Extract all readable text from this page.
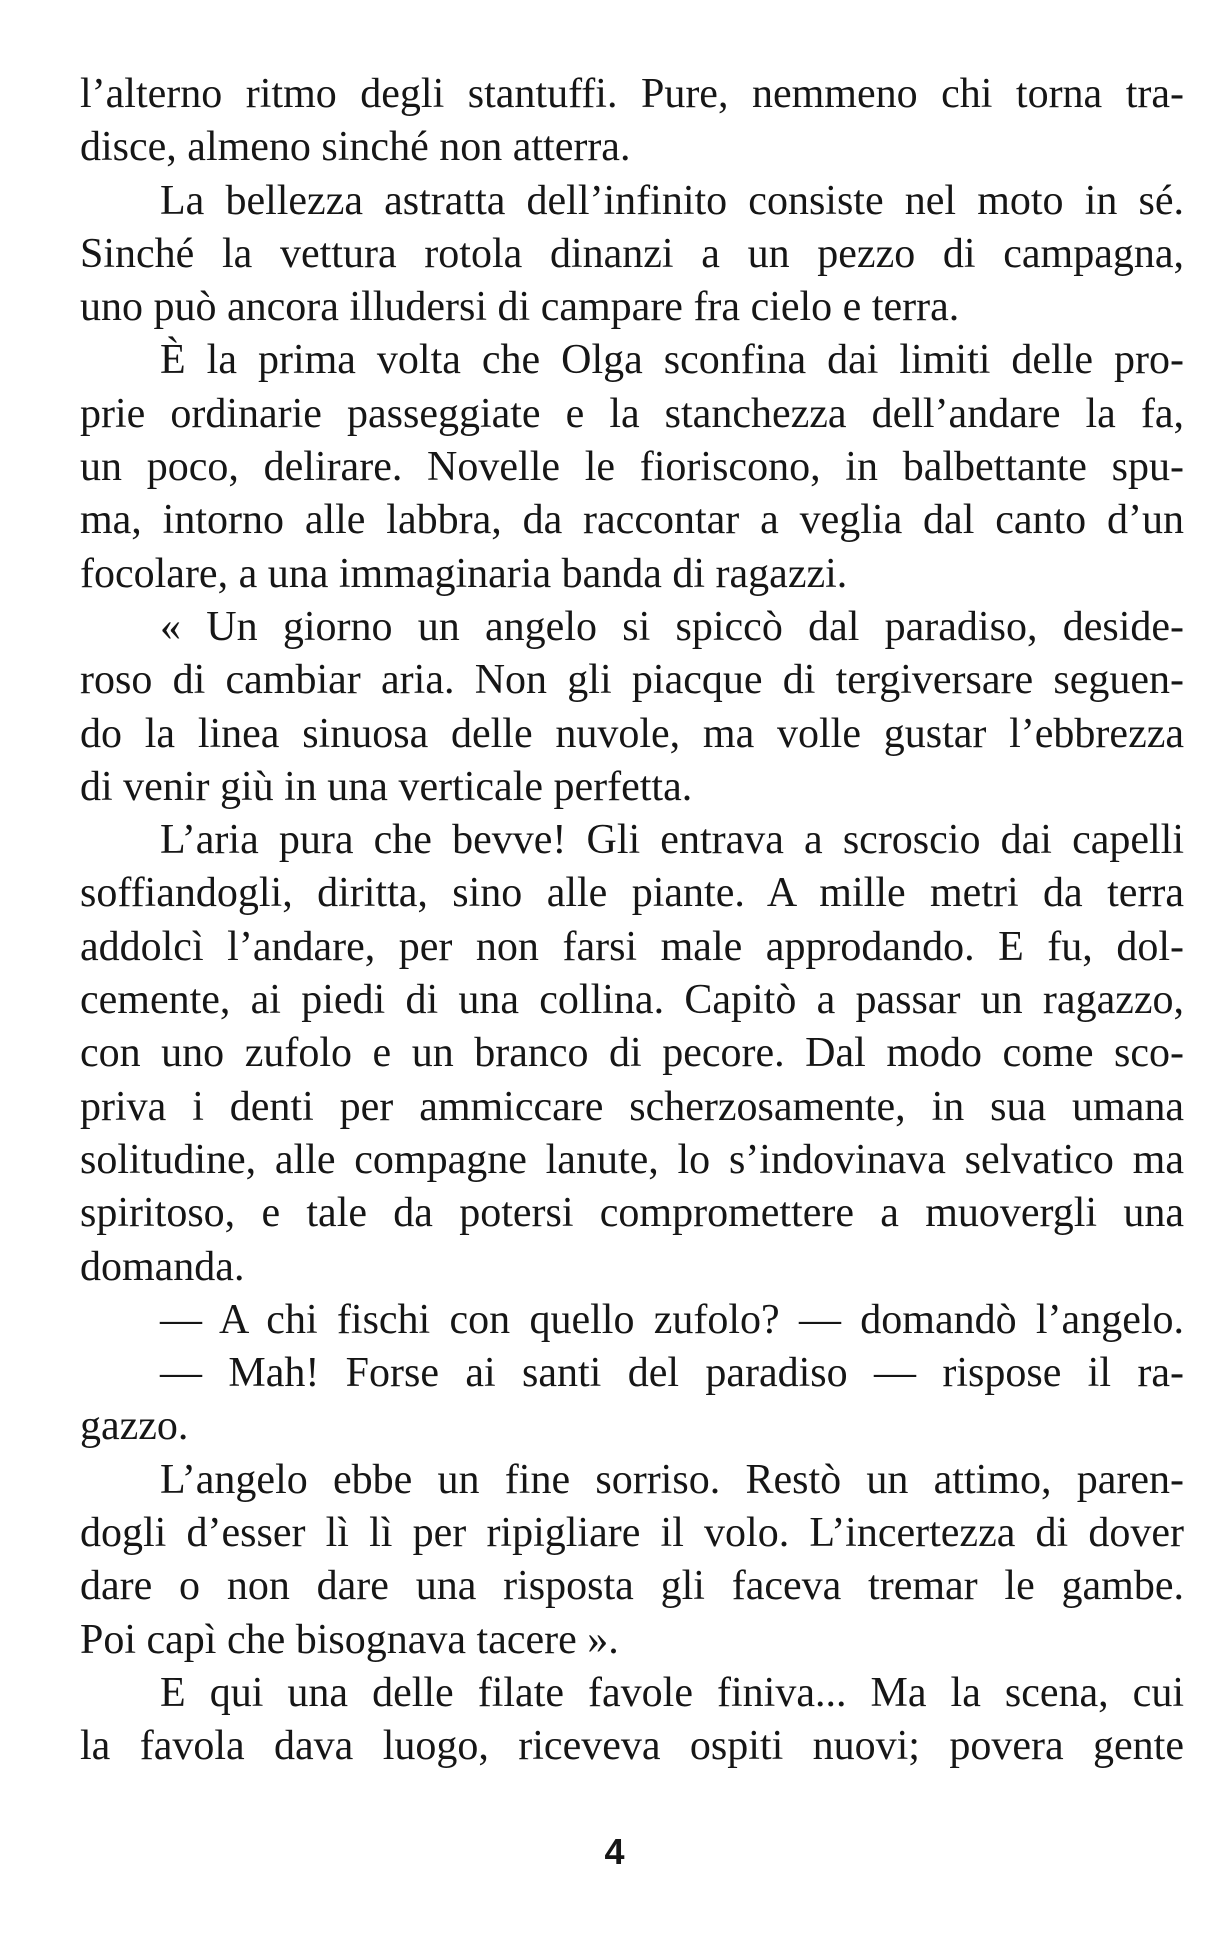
l’alterno ritmo degli stantuffi. Pure, nemmeno chi torna tra-
disce, almeno sinché non atterra.
La bellezza astratta dell’infinito consiste nel moto in sé.
Sinché la vettura rotola dinanzi a un pezzo di campagna,
uno può ancora illudersi di campare fra cielo e terra.
È la prima volta che Olga sconfina dai limiti delle pro-
prie ordinarie passeggiate e la stanchezza dell’andare la fa,
un poco, delirare. Novelle le fioriscono, in balbettante spu-
ma, intorno alle labbra, da raccontar a veglia dal canto d’un
focolare, a una immaginaria banda di ragazzi.
« Un giorno un angelo si spiccò dal paradiso, deside-
roso di cambiar aria. Non gli piacque di tergiversare seguen-
do la linea sinuosa delle nuvole, ma volle gustar l’ebbrezza
di venir giù in una verticale perfetta.
L’aria pura che bevve! Gli entrava a scroscio dai capelli
soffiandogli, diritta, sino alle piante. A mille metri da terra
addolcì l’andare, per non farsi male approdando. E fu, dol-
cemente, ai piedi di una collina. Capitò a passar un ragazzo,
con uno zufolo e un branco di pecore. Dal modo come sco-
priva i denti per ammiccare scherzosamente, in sua umana
solitudine, alle compagne lanute, lo s’indovinava selvatico ma
spiritoso, e tale da potersi compromettere a muovergli una
domanda.
— A chi fischi con quello zufolo? — domandò l’angelo.
— Mah! Forse ai santi del paradiso — rispose il ra-
gazzo.
L’angelo ebbe un fine sorriso. Restò un attimo, paren-
dogli d’esser lì lì per ripigliare il volo. L’incertezza di dover
dare o non dare una risposta gli faceva tremar le gambe.
Poi capì che bisognava tacere ».
E qui una delle filate favole finiva... Ma la scena, cui
la favola dava luogo, riceveva ospiti nuovi; povera gente
4
